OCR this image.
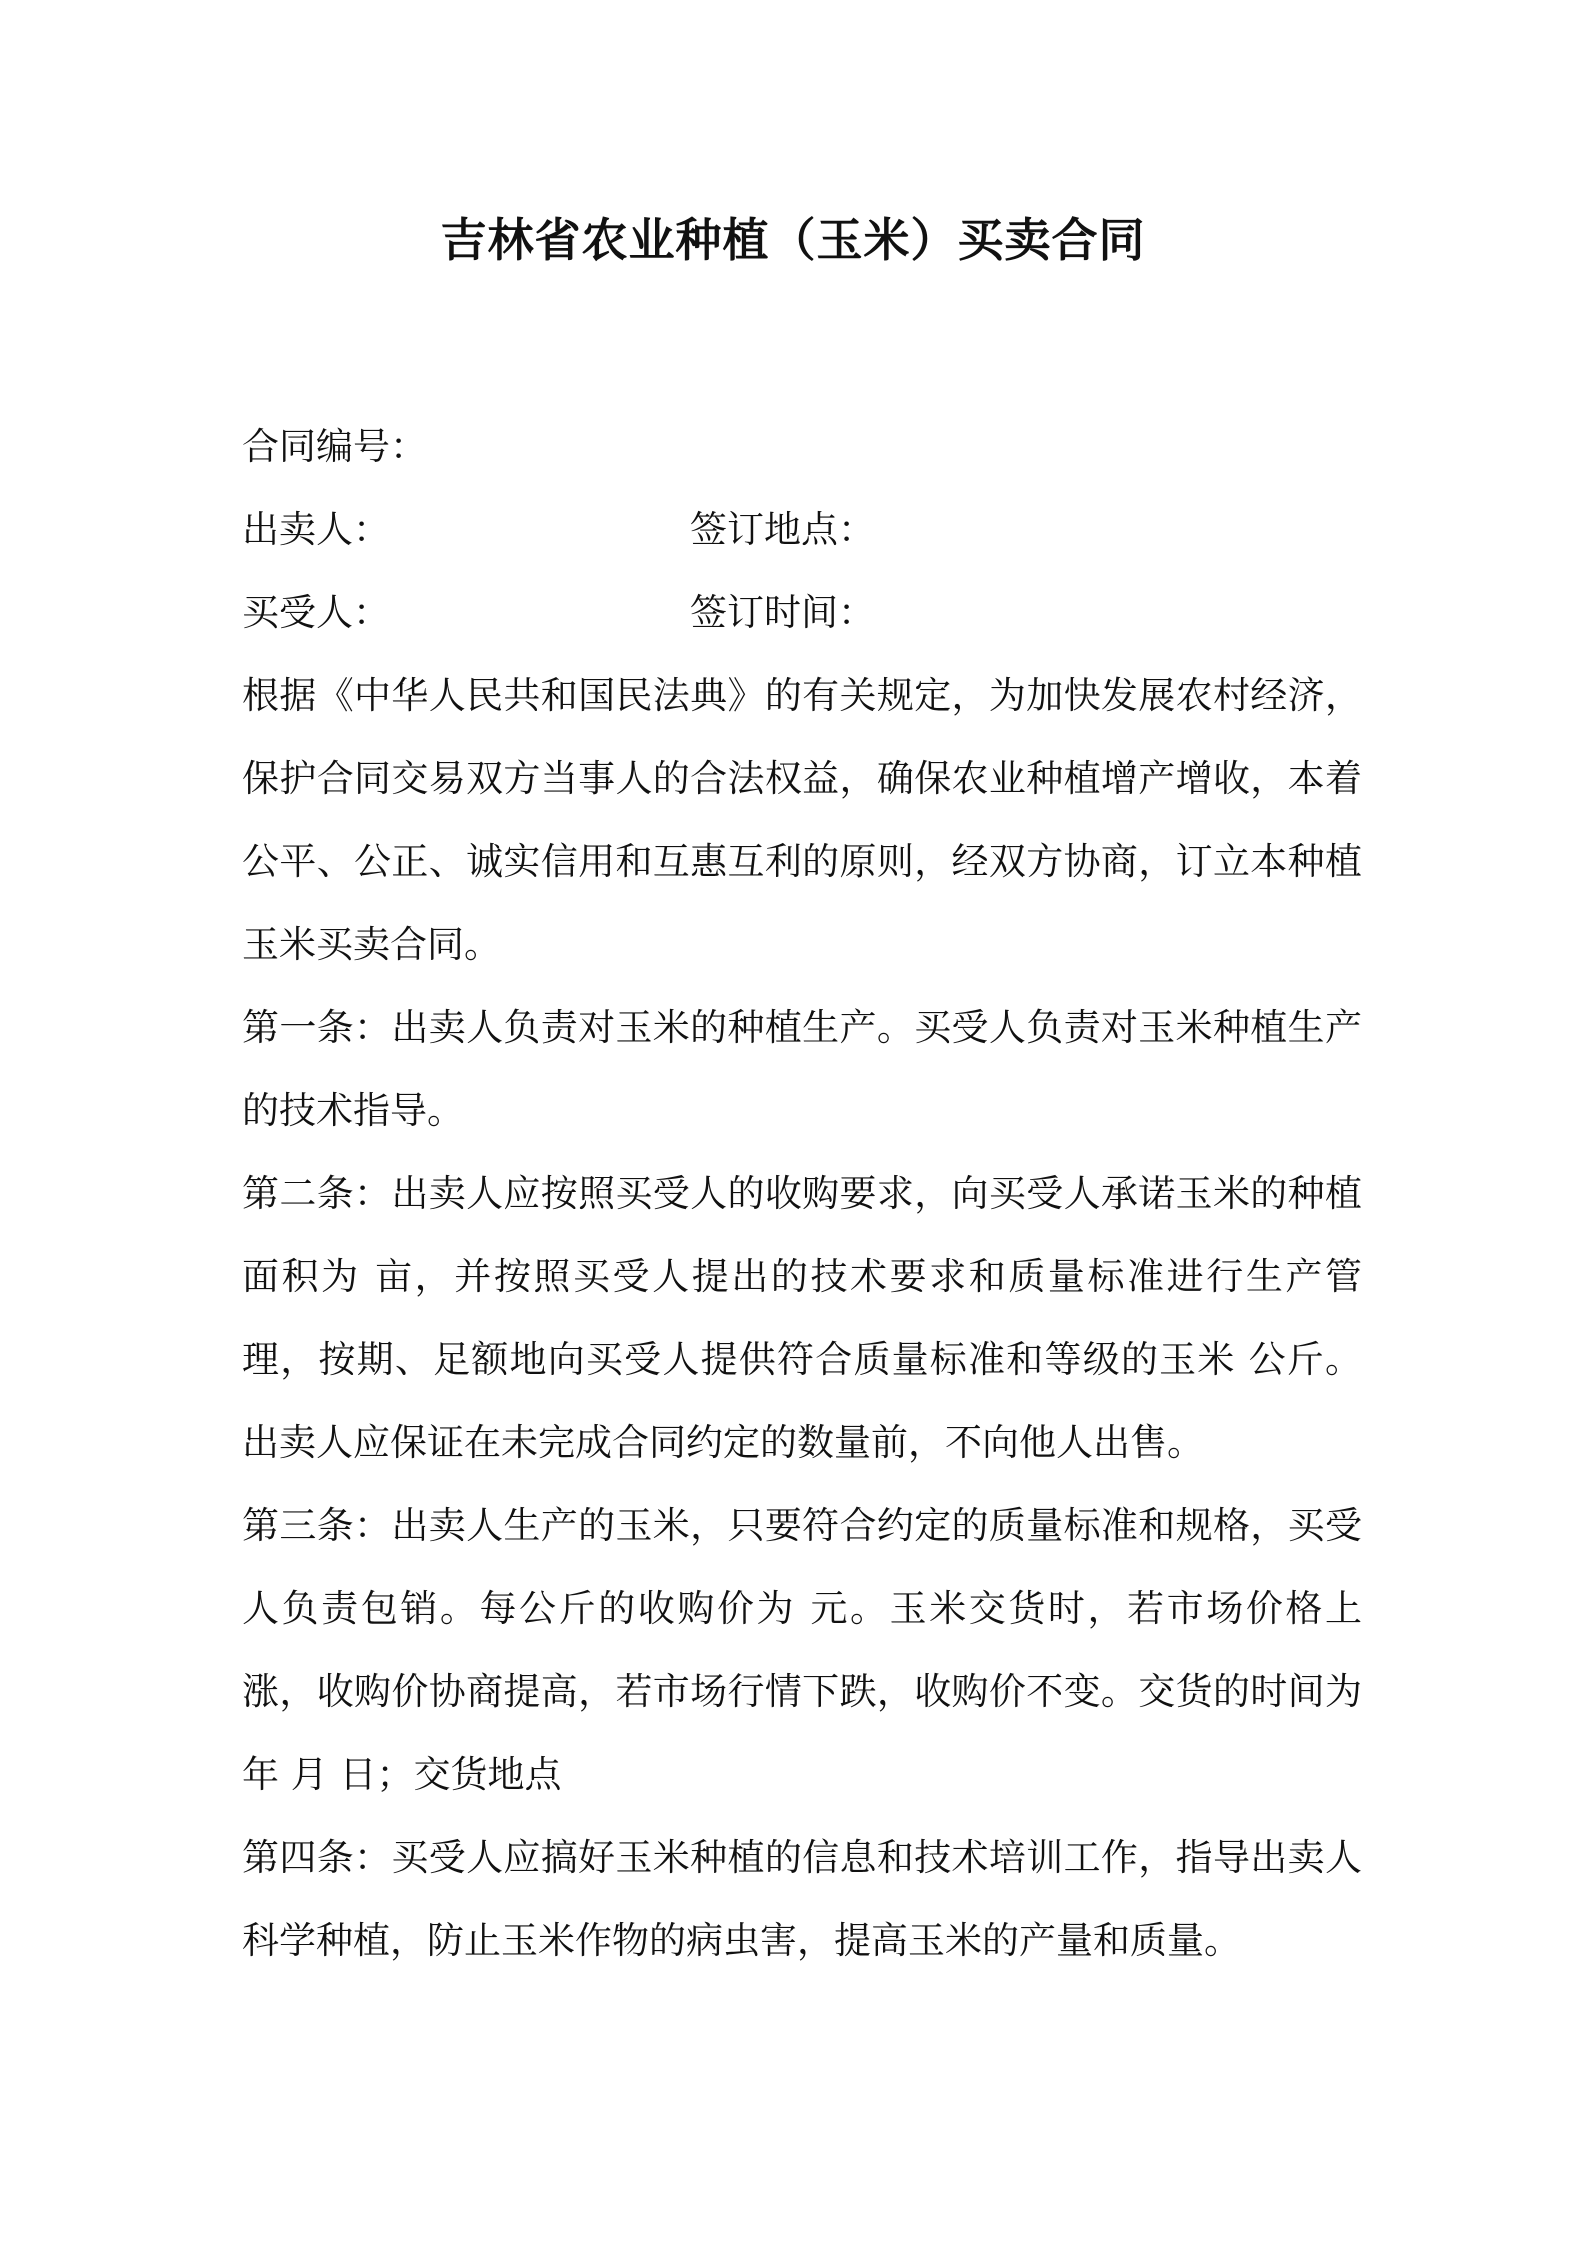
吉林省农业种植（玉米）买卖合同

合同编号：

出卖人：	签订地点：
买受人：	签订时间：

根据《中华人民共和国民法典》的有关规定，为加快发展农村经济，保护合同交易双方当事人的合法权益，确保农业种植增产增收，本着公平、公正、诚实信用和互惠互利的原则，经双方协商，订立本种植玉米买卖合同。

第一条：出卖人负责对玉米的种植生产。买受人负责对玉米种植生产的技术指导。

第二条：出卖人应按照买受人的收购要求，向买受人承诺玉米的种植面积为 亩，并按照买受人提出的技术要求和质量标准进行生产管理，按期、足额地向买受人提供符合质量标准和等级的玉米 公斤。出卖人应保证在未完成合同约定的数量前，不向他人出售。

第三条：出卖人生产的玉米，只要符合约定的质量标准和规格，买受人负责包销。每公斤的收购价为 元。玉米交货时，若市场价格上涨，收购价协商提高，若市场行情下跌，收购价不变。交货的时间为 年 月 日；交货地点

第四条：买受人应搞好玉米种植的信息和技术培训工作，指导出卖人科学种植，防止玉米作物的病虫害，提高玉米的产量和质量。
